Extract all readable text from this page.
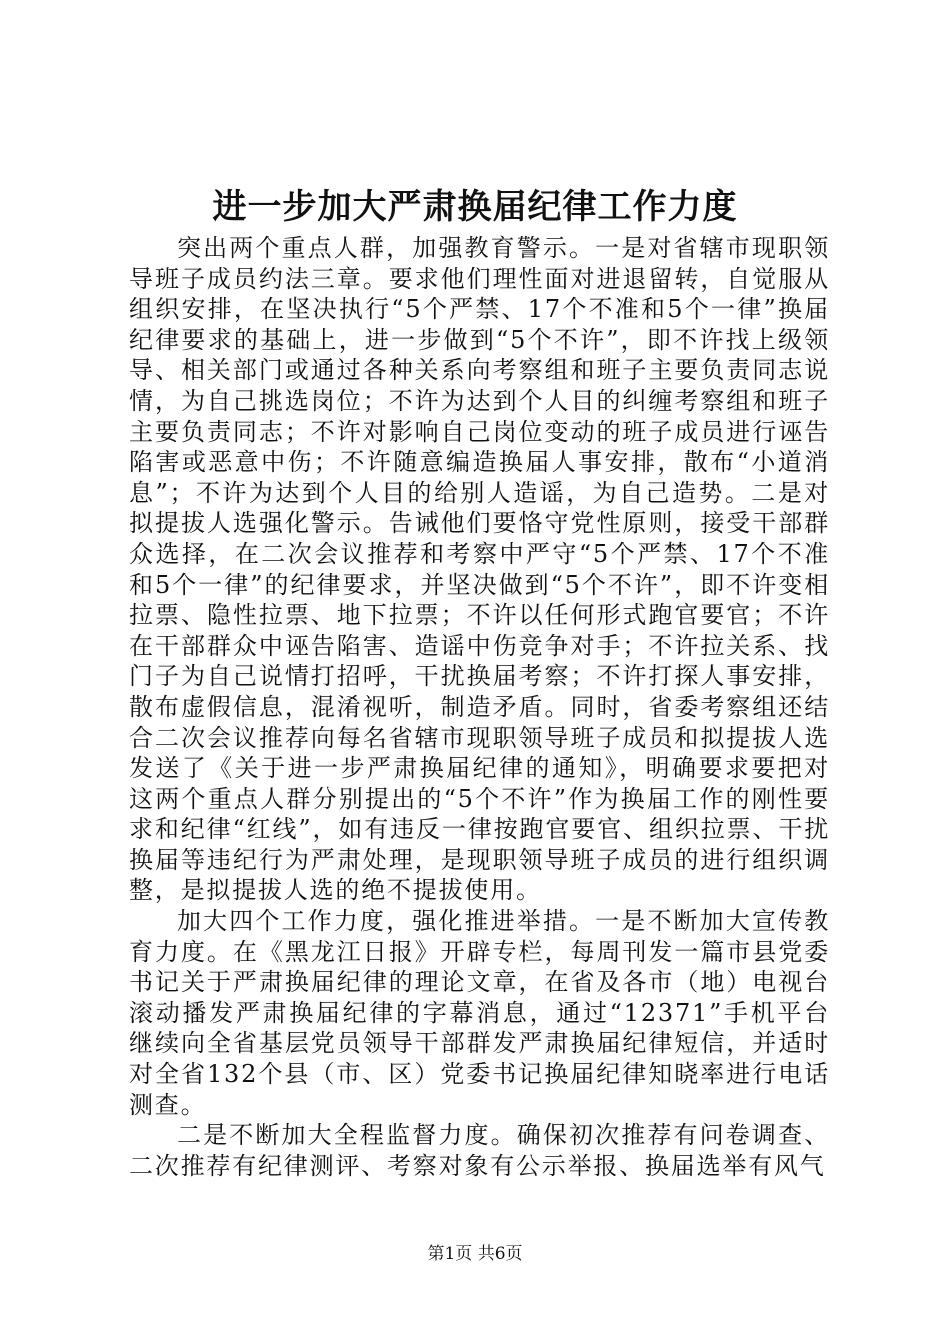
进一步加大严肃换届纪律工作力度

突出两个重点人群，加强教育警示。一是对省辖市现职领导班子成员约法三章。要求他们理性面对进退留转，自觉服从组织安排，在坚决执行“5个严禁、17个不准和5个一律”换届纪律要求的基础上，进一步做到“5个不许”，即不许找上级领导、相关部门或通过各种关系向考察组和班子主要负责同志说情，为自己挑选岗位；不许为达到个人目的纠缠考察组和班子主要负责同志；不许对影响自己岗位变动的班子成员进行诬告陷害或恶意中伤；不许随意编造换届人事安排，散布“小道消息”；不许为达到个人目的给别人造谣，为自己造势。二是对拟提拔人选强化警示。告诫他们要恪守党性原则，接受干部群众选择，在二次会议推荐和考察中严守“5个严禁、17个不准和5个一律”的纪律要求，并坚决做到“5个不许”，即不许变相拉票、隐性拉票、地下拉票；不许以任何形式跑官要官；不许在干部群众中诬告陷害、造谣中伤竞争对手；不许拉关系、找门子为自己说情打招呼，干扰换届考察；不许打探人事安排，散布虚假信息，混淆视听，制造矛盾。同时，省委考察组还结合二次会议推荐向每名省辖市现职领导班子成员和拟提拔人选发送了《关于进一步严肃换届纪律的通知》，明确要求要把对这两个重点人群分别提出的“5个不许”作为换届工作的刚性要求和纪律“红线”，如有违反一律按跑官要官、组织拉票、干扰换届等违纪行为严肃处理，是现职领导班子成员的进行组织调整，是拟提拔人选的绝不提拔使用。

加大四个工作力度，强化推进举措。一是不断加大宣传教育力度。在《黑龙江日报》开辟专栏，每周刊发一篇市县党委书记关于严肃换届纪律的理论文章，在省及各市（地）电视台滚动播发严肃换届纪律的字幕消息，通过“12371”手机平台继续向全省基层党员领导干部群发严肃换届纪律短信，并适时对全省132个县（市、区）党委书记换届纪律知晓率进行电话测查。

二是不断加大全程监督力度。确保初次推荐有问卷调查、二次推荐有纪律测评、考察对象有公示举报、换届选举有风气

第1页 共6页
